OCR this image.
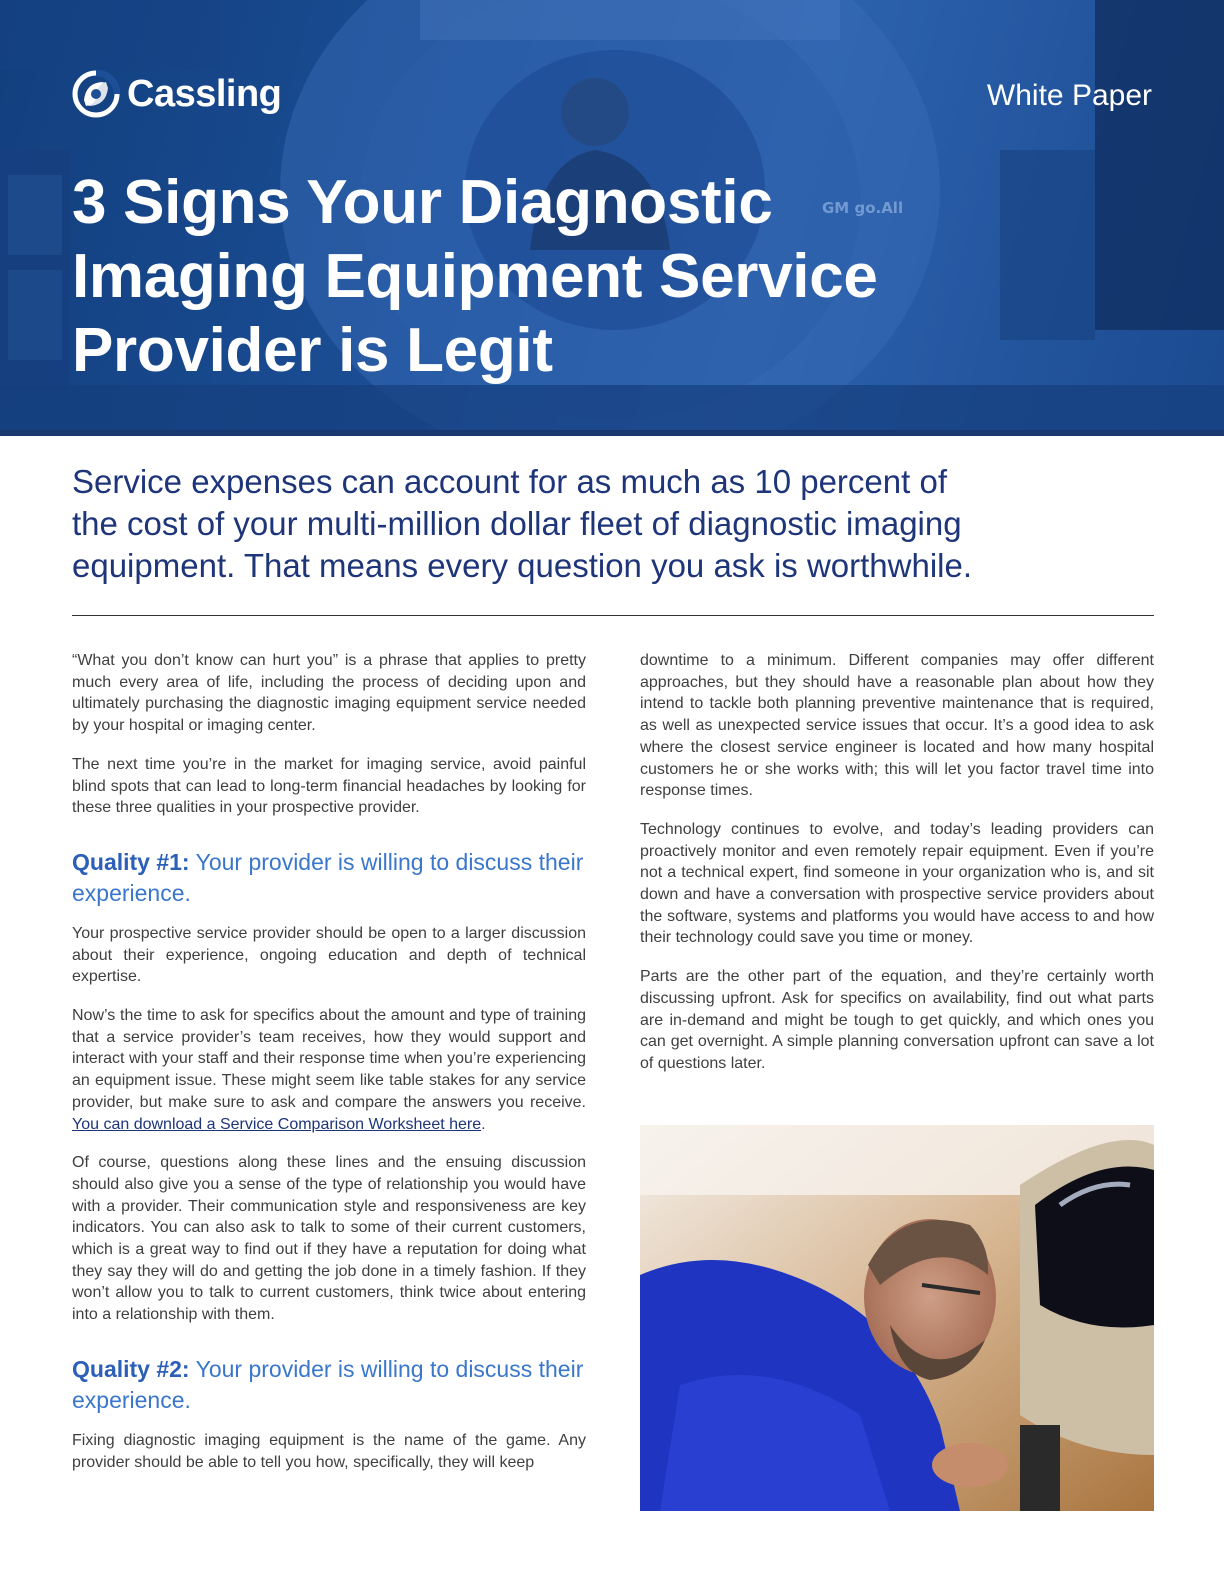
GM go.All
Cassling	White Paper
3 Signs Your Diagnostic
Imaging Equipment Service
Provider is Legit
Service expenses can account for as much as 10 percent of
the cost of your multi-million dollar fleet of diagnostic imaging
equipment. That means every question you ask is worthwhile.

“What you don’t know can hurt you” is a phrase that applies to pretty much every area of life, including the process of deciding upon and ultimately purchasing the diagnostic imaging equipment service needed by your hospital or imaging center.

The next time you’re in the market for imaging service, avoid painful blind spots that can lead to long-term financial headaches by looking for these three qualities in your prospective provider.

Quality #1: Your provider is willing to discuss their experience.

Your prospective service provider should be open to a larger discussion about their experience, ongoing education and depth of technical expertise.

Now’s the time to ask for specifics about the amount and type of training that a service provider’s team receives, how they would support and interact with your staff and their response time when you’re experiencing an equipment issue. These might seem like table stakes for any service provider, but make sure to ask and compare the answers you receive. You can download a Service Comparison Worksheet here.

Of course, questions along these lines and the ensuing discussion should also give you a sense of the type of relationship you would have with a provider. Their communication style and responsiveness are key indicators. You can also ask to talk to some of their current customers, which is a great way to find out if they have a reputation for doing what they say they will do and getting the job done in a timely fashion. If they won’t allow you to talk to current customers, think twice about entering into a relationship with them.

Quality #2: Your provider is willing to discuss their experience.

Fixing diagnostic imaging equipment is the name of the game. Any provider should be able to tell you how, specifically, they will keep

downtime to a minimum. Different companies may offer different approaches, but they should have a reasonable plan about how they intend to tackle both planning preventive maintenance that is required, as well as unexpected service issues that occur. It’s a good idea to ask where the closest service engineer is located and how many hospital customers he or she works with; this will let you factor travel time into response times.

Technology continues to evolve, and today’s leading providers can proactively monitor and even remotely repair equipment. Even if you’re not a technical expert, find someone in your organization who is, and sit down and have a conversation with prospective service providers about the software, systems and platforms you would have access to and how their technology could save you time or money.

Parts are the other part of the equation, and they’re certainly worth discussing upfront. Ask for specifics on availability, find out what parts are in-demand and might be tough to get quickly, and which ones you can get overnight. A simple planning conversation upfront can save a lot of questions later.
